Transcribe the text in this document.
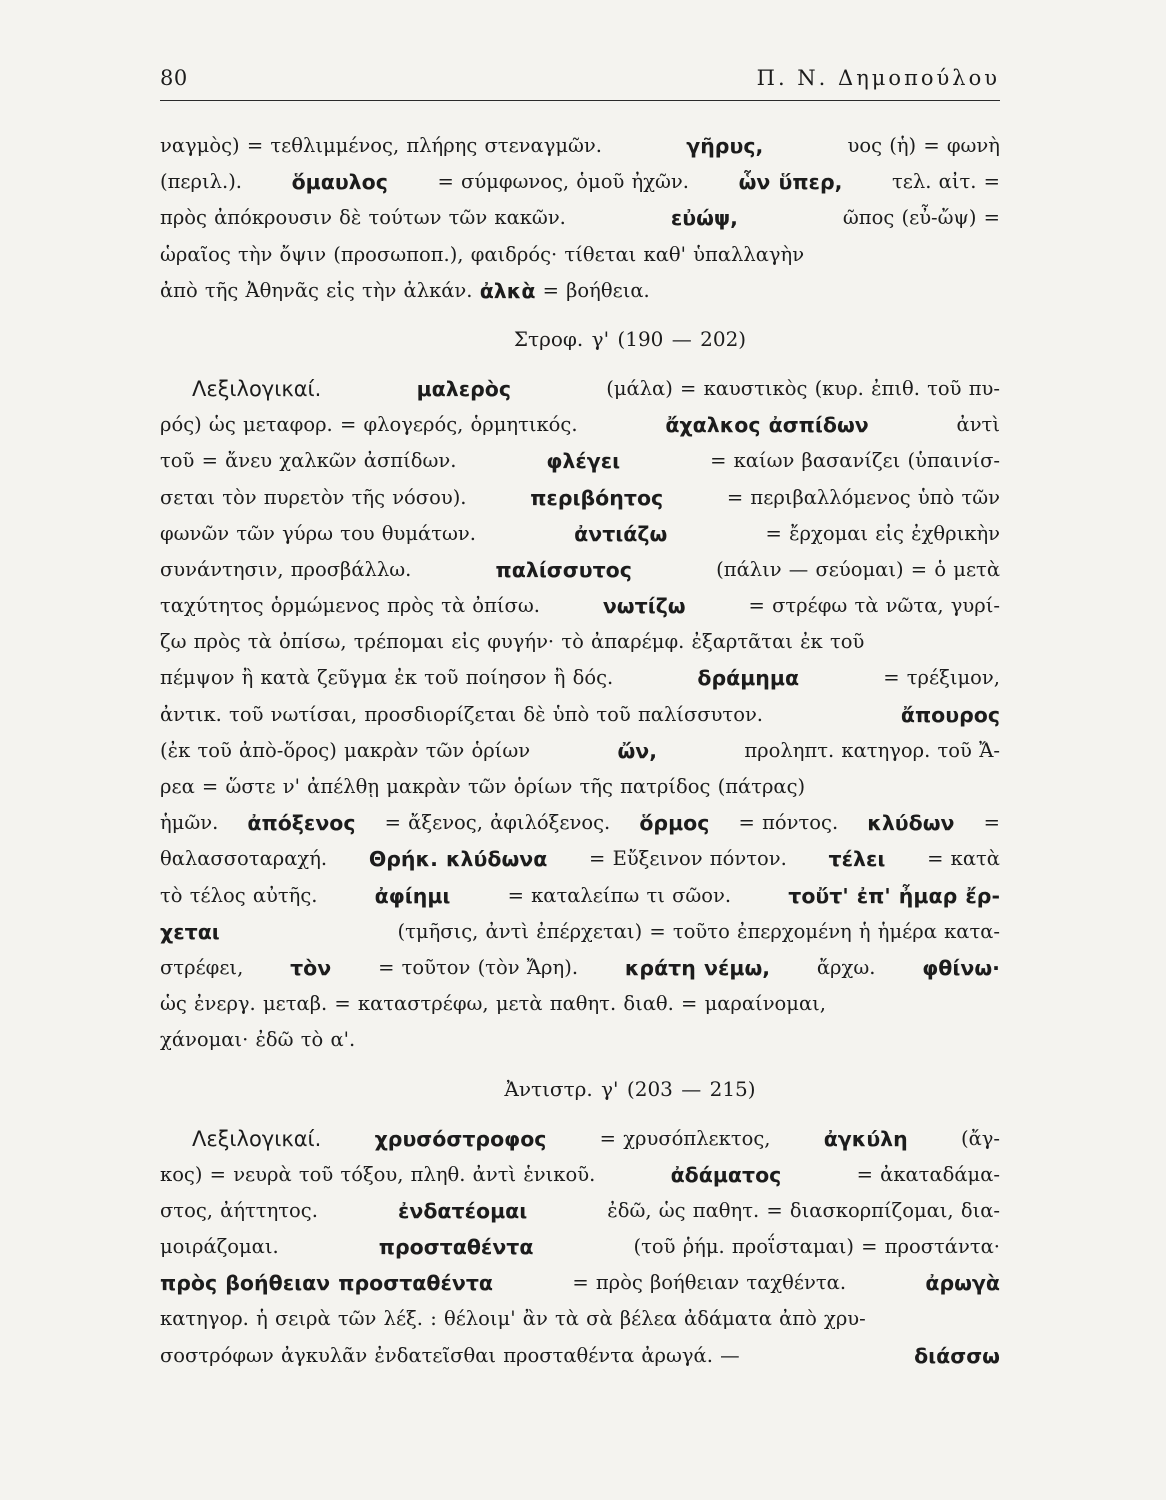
80	Π. Ν. Δημοπούλου
ναγμὸς) = τεθλιμμένος, πλήρης στεναγμῶν.	γῆρυς,	υος (ἡ) = φωνὴ
(περιλ.). ὅμαυλος	= σύμφωνος, ὁμοῦ ἠχῶν. ὧν ὕπερ,	τελ. αἰτ. =
πρὸς ἀπόκρουσιν δὲ τούτων τῶν κακῶν.	εὐώψ,	ῶπος (εὖ-ὤψ) =
ὡραῖος τὴν ὄψιν (προσωποπ.), φαιδρός· τίθεται καθ' ὑπαλλαγὴν
ἀπὸ τῆς Ἀθηνᾶς εἰς τὴν ἀλκάν.
ἀλκὰ
= βοήθεια.
Στροφ. γ' (190 — 202)
Λεξιλογικαί.	μαλερὸς	(μάλα) = καυστικὸς (κυρ. ἐπιθ. τοῦ πυ-
ρός) ὡς μεταφορ. = φλογερός, ὁρμητικός.	ἄχαλκος ἀσπίδων	ἀντὶ
τοῦ = ἄνευ χαλκῶν ἀσπίδων.	φλέγει	= καίων βασανίζει (ὑπαινίσ-
σεται τὸν πυρετὸν τῆς νόσου).	περιβόητος	= περιβαλλόμενος ὑπὸ τῶν
φωνῶν τῶν γύρω του θυμάτων.	ἀντιάζω	= ἔρχομαι εἰς ἐχθρικὴν
συνάντησιν, προσβάλλω.	παλίσσυτος	(πάλιν — σεύομαι) = ὁ μετὰ
ταχύτητος ὁρμώμενος πρὸς τὰ ὀπίσω.	νωτίζω	= στρέφω τὰ νῶτα, γυρί-
ζω πρὸς τὰ ὀπίσω, τρέπομαι εἰς φυγήν· τὸ ἀπαρέμφ. ἐξαρτᾶται ἐκ τοῦ
πέμψον ἢ κατὰ ζεῦγμα ἐκ τοῦ ποίησον ἢ δός.	δράμημα	= τρέξιμον,
ἀντικ. τοῦ νωτίσαι, προσδιορίζεται δὲ ὑπὸ τοῦ παλίσσυτον.	ἄπουρος
(ἐκ τοῦ ἀπὸ-ὅρος) μακρὰν τῶν ὁρίων	ὤν,	προληπτ. κατηγορ. τοῦ Ἄ-
ρεα = ὥστε ν' ἀπέλθῃ μακρὰν τῶν ὁρίων τῆς πατρίδος (πάτρας)
ἡμῶν. ἀπόξενος = ἄξενος, ἀφιλόξενος. ὅρμος = πόντος. κλύδων =
θαλασσοταραχή. Θρήκ. κλύδωνα = Εὔξεινον πόντον. τέλει = κατὰ
τὸ τέλος αὐτῆς.	ἀφίημι	= καταλείπω τι σῶον.	τοὔτ' ἐπ' ἦμαρ ἔρ-
χεται	(τμῆσις, ἀντὶ ἐπέρχεται) = τοῦτο ἐπερχομένη ἡ ἡμέρα κατα-
στρέφει, τὸν = τοῦτον (τὸν Ἄρη). κράτη νέμω, ἄρχω. φθίνω·
ὡς ἐνεργ. μεταβ. = καταστρέφω, μετὰ παθητ. διαθ. = μαραίνομαι,
χάνομαι· ἐδῶ τὸ α'.
Ἀντιστρ. γ' (203 — 215)
Λεξιλογικαί.	χρυσόστροφος	= χρυσόπλεκτος,	ἀγκύλη	(ἄγ-
κος) = νευρὰ τοῦ τόξου, πληθ. ἀντὶ ἑνικοῦ.	ἀδάματος	= ἀκαταδάμα-
στος, ἀήττητος.	ἐνδατέομαι	ἐδῶ, ὡς παθητ. = διασκορπίζομαι, δια-
μοιράζομαι.	προσταθέντα	(τοῦ ῥήμ. προΐσταμαι) = προστάντα·
πρὸς βοήθειαν προσταθέντα	= πρὸς βοήθειαν ταχθέντα.	ἀρωγὰ
κατηγορ. ἡ σειρὰ τῶν λέξ. : θέλοιμ' ἂν τὰ σὰ βέλεα ἀδάματα ἀπὸ χρυ-
σοστρόφων ἀγκυλᾶν ἐνδατεῖσθαι προσταθέντα ἀρωγά. —	διάσσω
